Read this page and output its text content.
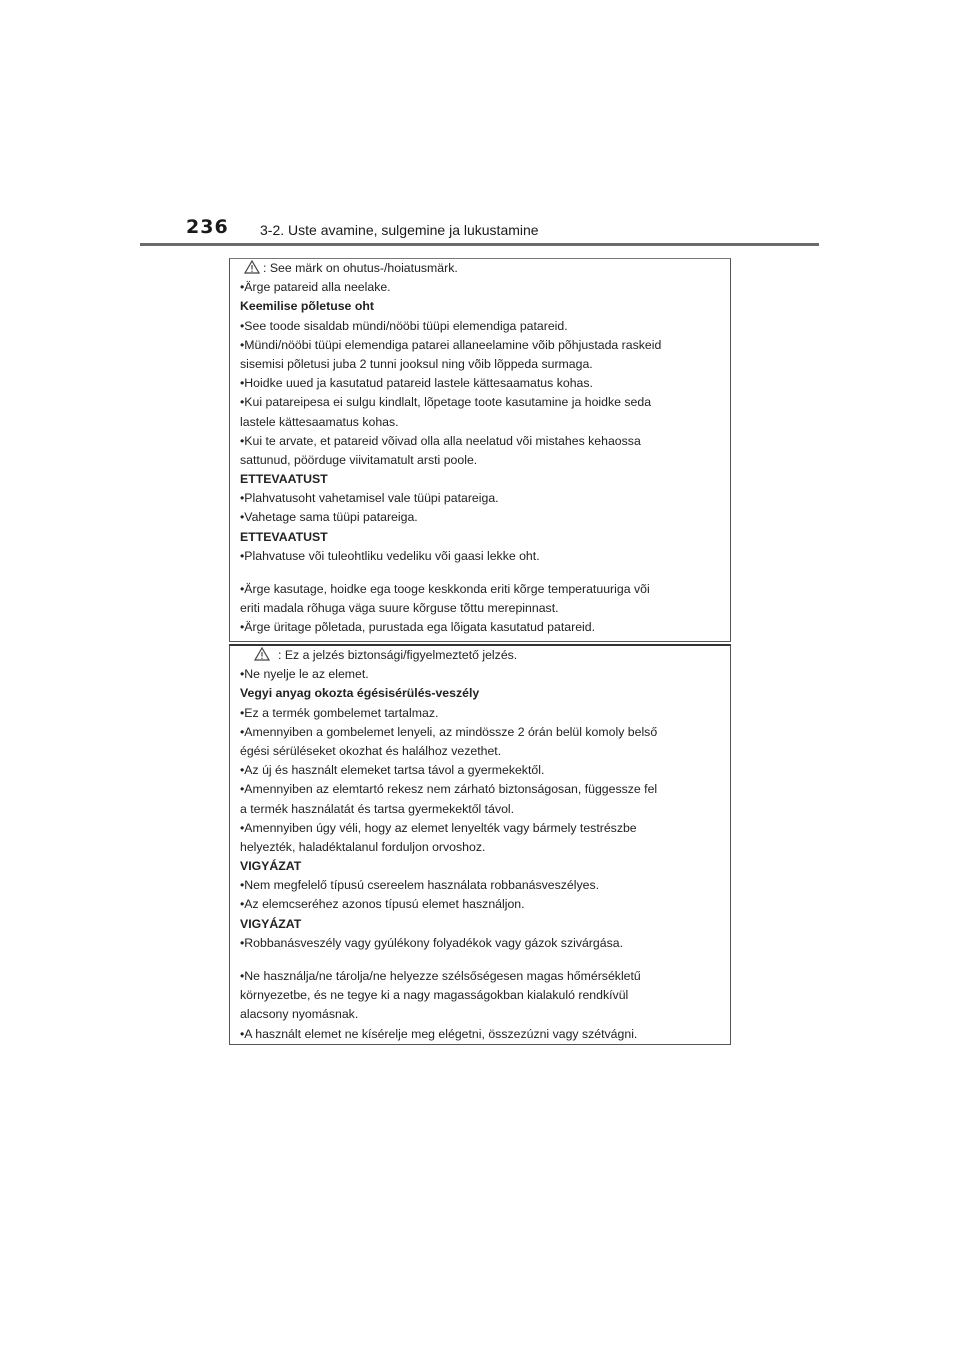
236 3-2. Uste avamine, sulgemine ja lukustamine
: See märk on ohutus-/hoiatusmärk.
•Ärge patareid alla neelake.
Keemilise põletuse oht
•See toode sisaldab mündi/nööbi tüüpi elemendiga patareid.
•Mündi/nööbi tüüpi elemendiga patarei allaneelamine võib põhjustada raskeid
sisemisi põletusi juba 2 tunni jooksul ning võib lõppeda surmaga.
•Hoidke uued ja kasutatud patareid lastele kättesaamatus kohas.
•Kui patareipesa ei sulgu kindlalt, lõpetage toote kasutamine ja hoidke seda
lastele kättesaamatus kohas.
•Kui te arvate, et patareid võivad olla alla neelatud või mistahes kehaossa
sattunud, pöörduge viivitamatult arsti poole.
ETTEVAATUST
•Plahvatusoht vahetamisel vale tüüpi patareiga.
•Vahetage sama tüüpi patareiga.
ETTEVAATUST
•Plahvatuse või tuleohtliku vedeliku või gaasi lekke oht.
•Ärge kasutage, hoidke ega tooge keskkonda eriti kõrge temperatuuriga või
eriti madala rõhuga väga suure kõrguse tõttu merepinnast.
•Ärge üritage põletada, purustada ega lõigata kasutatud patareid.
: Ez a jelzés biztonsági/figyelmeztető jelzés.
•Ne nyelje le az elemet.
Vegyi anyag okozta égésisérülés-veszély
•Ez a termék gombelemet tartalmaz.
•Amennyiben a gombelemet lenyeli, az mindössze 2 órán belül komoly belső
égési sérüléseket okozhat és halálhoz vezethet.
•Az új és használt elemeket tartsa távol a gyermekektől.
•Amennyiben az elemtartó rekesz nem zárható biztonságosan, függessze fel
a termék használatát és tartsa gyermekektől távol.
•Amennyiben úgy véli, hogy az elemet lenyelték vagy bármely testrészbe
helyezték, haladéktalanul forduljon orvoshoz.
VIGYÁZAT
•Nem megfelelő típusú csereelem használata robbanásveszélyes.
•Az elemcseréhez azonos típusú elemet használjon.
VIGYÁZAT
•Robbanásveszély vagy gyúlékony folyadékok vagy gázok szivárgása.
•Ne használja/ne tárolja/ne helyezze szélsőségesen magas hőmérsékletű
környezetbe, és ne tegye ki a nagy magasságokban kialakuló rendkívül
alacsony nyomásnak.
•A használt elemet ne kísérelje meg elégetni, összezúzni vagy szétvágni.
